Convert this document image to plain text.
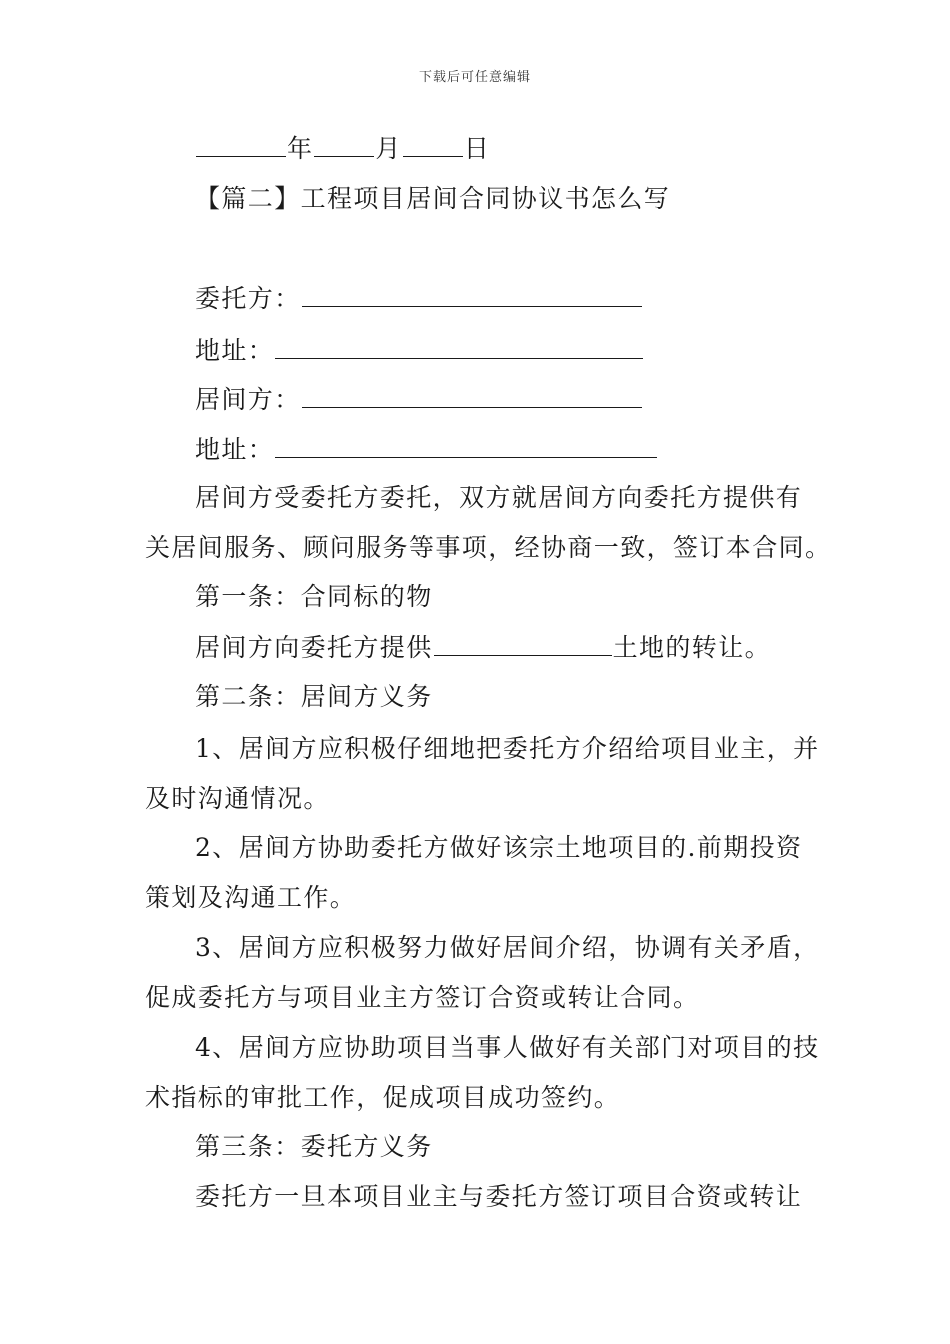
下载后可任意编辑
年 月 日
【篇二】工程项目居间合同协议书怎么写
委托方：
地址：
居间方：
地址：
居间方受委托方委托，双方就居间方向委托方提供有
关居间服务、顾问服务等事项，经协商一致，签订本合同。
第一条：合同标的物
居间方向委托方提供	土地的转让。
第二条：居间方义务
1、居间方应积极仔细地把委托方介绍给项目业主，并
及时沟通情况。
2、居间方协助委托方做好该宗土地项目的.前期投资
策划及沟通工作。
3、居间方应积极努力做好居间介绍，协调有关矛盾，
促成委托方与项目业主方签订合资或转让合同。
4、居间方应协助项目当事人做好有关部门对项目的技
术指标的审批工作，促成项目成功签约。
第三条：委托方义务
委托方一旦本项目业主与委托方签订项目合资或转让
